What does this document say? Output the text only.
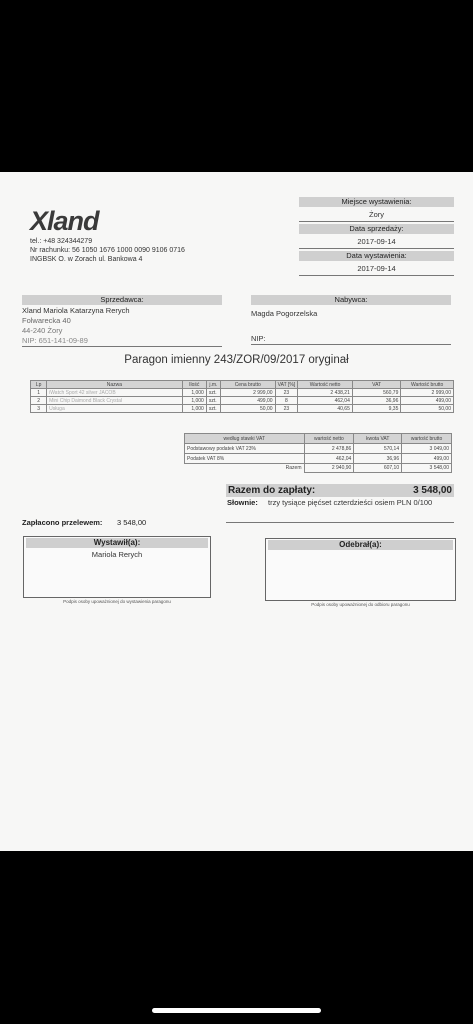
Xland
tel.: +48 324344279
Nr rachunku: 56 1050 1676 1000 0090 9106 0716
INGBSK O. w Zorach ul. Bankowa 4
Miejsce wystawienia:
Żory
Data sprzedaży:
2017-09-14
Data wystawienia:
2017-09-14
Sprzedawca:
Xland Mariola Katarzyna Rerych
Folwarecka 40
44-240 Żory
NIP: 651-141-09-89
Nabywca:
Magda Pogorzelska
NIP:
Paragon imienny 243/ZOR/09/2017 oryginał
Lp	Nazwa	Ilość	j.m.	Cena brutto	VAT [%]	Wartość netto	VAT	Wartość brutto
1	iWatch Sport 42 silver JACOB	1,000	szt.	2 999,00	23	2 438,21	560,79	2 999,00
2	Mini Chip Daimond Black Crystal	1,000	szt.	499,00	8	462,04	36,96	499,00
3	Usługa	1,000	szt.	50,00	23	40,65	9,35	50,00
według stawki VAT	wartość netto	kwota VAT	wartość brutto
Podstawowy podatek VAT 23%	2 478,86	570,14	3 049,00
Podatek VAT 8%	462,04	36,96	499,00
Razem	2 940,90	607,10	3 548,00
Razem do zapłaty:	3 548,00
Słownie: trzy tysiące pięćset czterdzieści osiem PLN 0/100
Zapłacono przelewem: 3 548,00
Wystawił(a):
Mariola Rerych
Podpis osoby upoważnionej do wystawienia paragonu
Odebrał(a):
Podpis osoby upoważnionej do odbioru paragonu
